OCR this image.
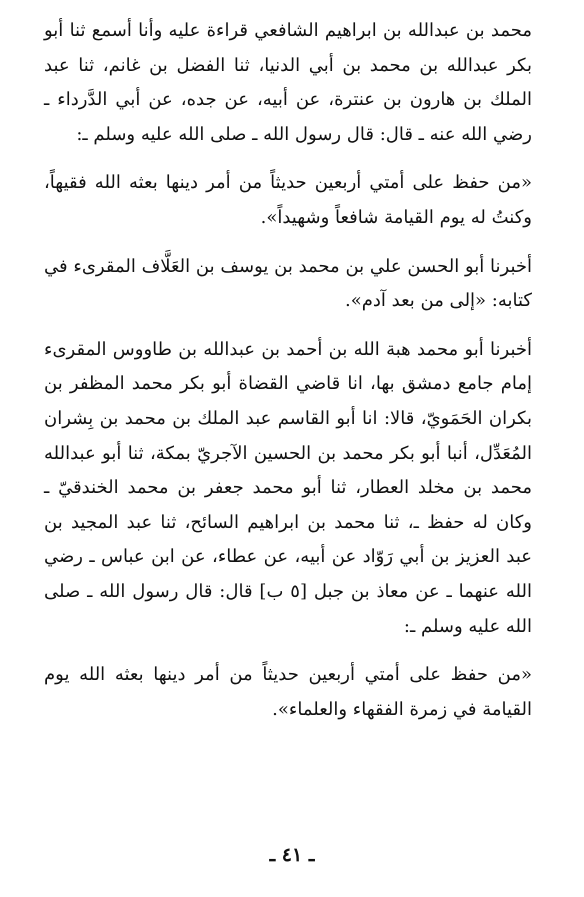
محمد بن عبدالله بن ابراهيم الشافعي قراءة عليه وأنا أسمع ثنا أبو بكر عبدالله بن محمد بن أبي الدنيا، ثنا الفضل بن غانم، ثنا عبد الملك بن هارون بن عنترة، عن أبيه، عن جده، عن أبي الدَّرداء ـ رضي الله عنه ـ قال: قال رسول الله ـ صلى الله عليه وسلم ـ:

«من حفظ على أمتي أربعين حديثاً من أمر دينها بعثه الله فقيهاً، وكنتُ له يوم القيامة شافعاً وشهيداً».

أخبرنا أبو الحسن علي بن محمد بن يوسف بن العَلَّاف المقرىء في كتابه: «إلى من بعد آدم».

أخبرنا أبو محمد هبة الله بن أحمد بن عبدالله بن طاووس المقرىء إمام جامع دمشق بها، انا قاضي القضاة أبو بكر محمد المظفر بن بكران الحَمَويّ، قالا: انا أبو القاسم عبد الملك بن محمد بن بِشران المُعَدِّل، أنبا أبو بكر محمد بن الحسين الآجريّ بمكة، ثنا أبو عبدالله محمد بن مخلد العطار، ثنا أبو محمد جعفر بن محمد الخندقيّ ـ وكان له حفظ ـ، ثنا محمد بن ابراهيم السائح، ثنا عبد المجيد بن عبد العزيز بن أبي رَوّاد عن أبيه، عن عطاء، عن ابن عباس ـ رضي الله عنهما ـ عن معاذ بن جبل [٥ ب] قال: قال رسول الله ـ صلى الله عليه وسلم ـ:

«من حفظ على أمتي أربعين حديثاً من أمر دينها بعثه الله يوم القيامة في زمرة الفقهاء والعلماء».

ـ ٤١ ـ
